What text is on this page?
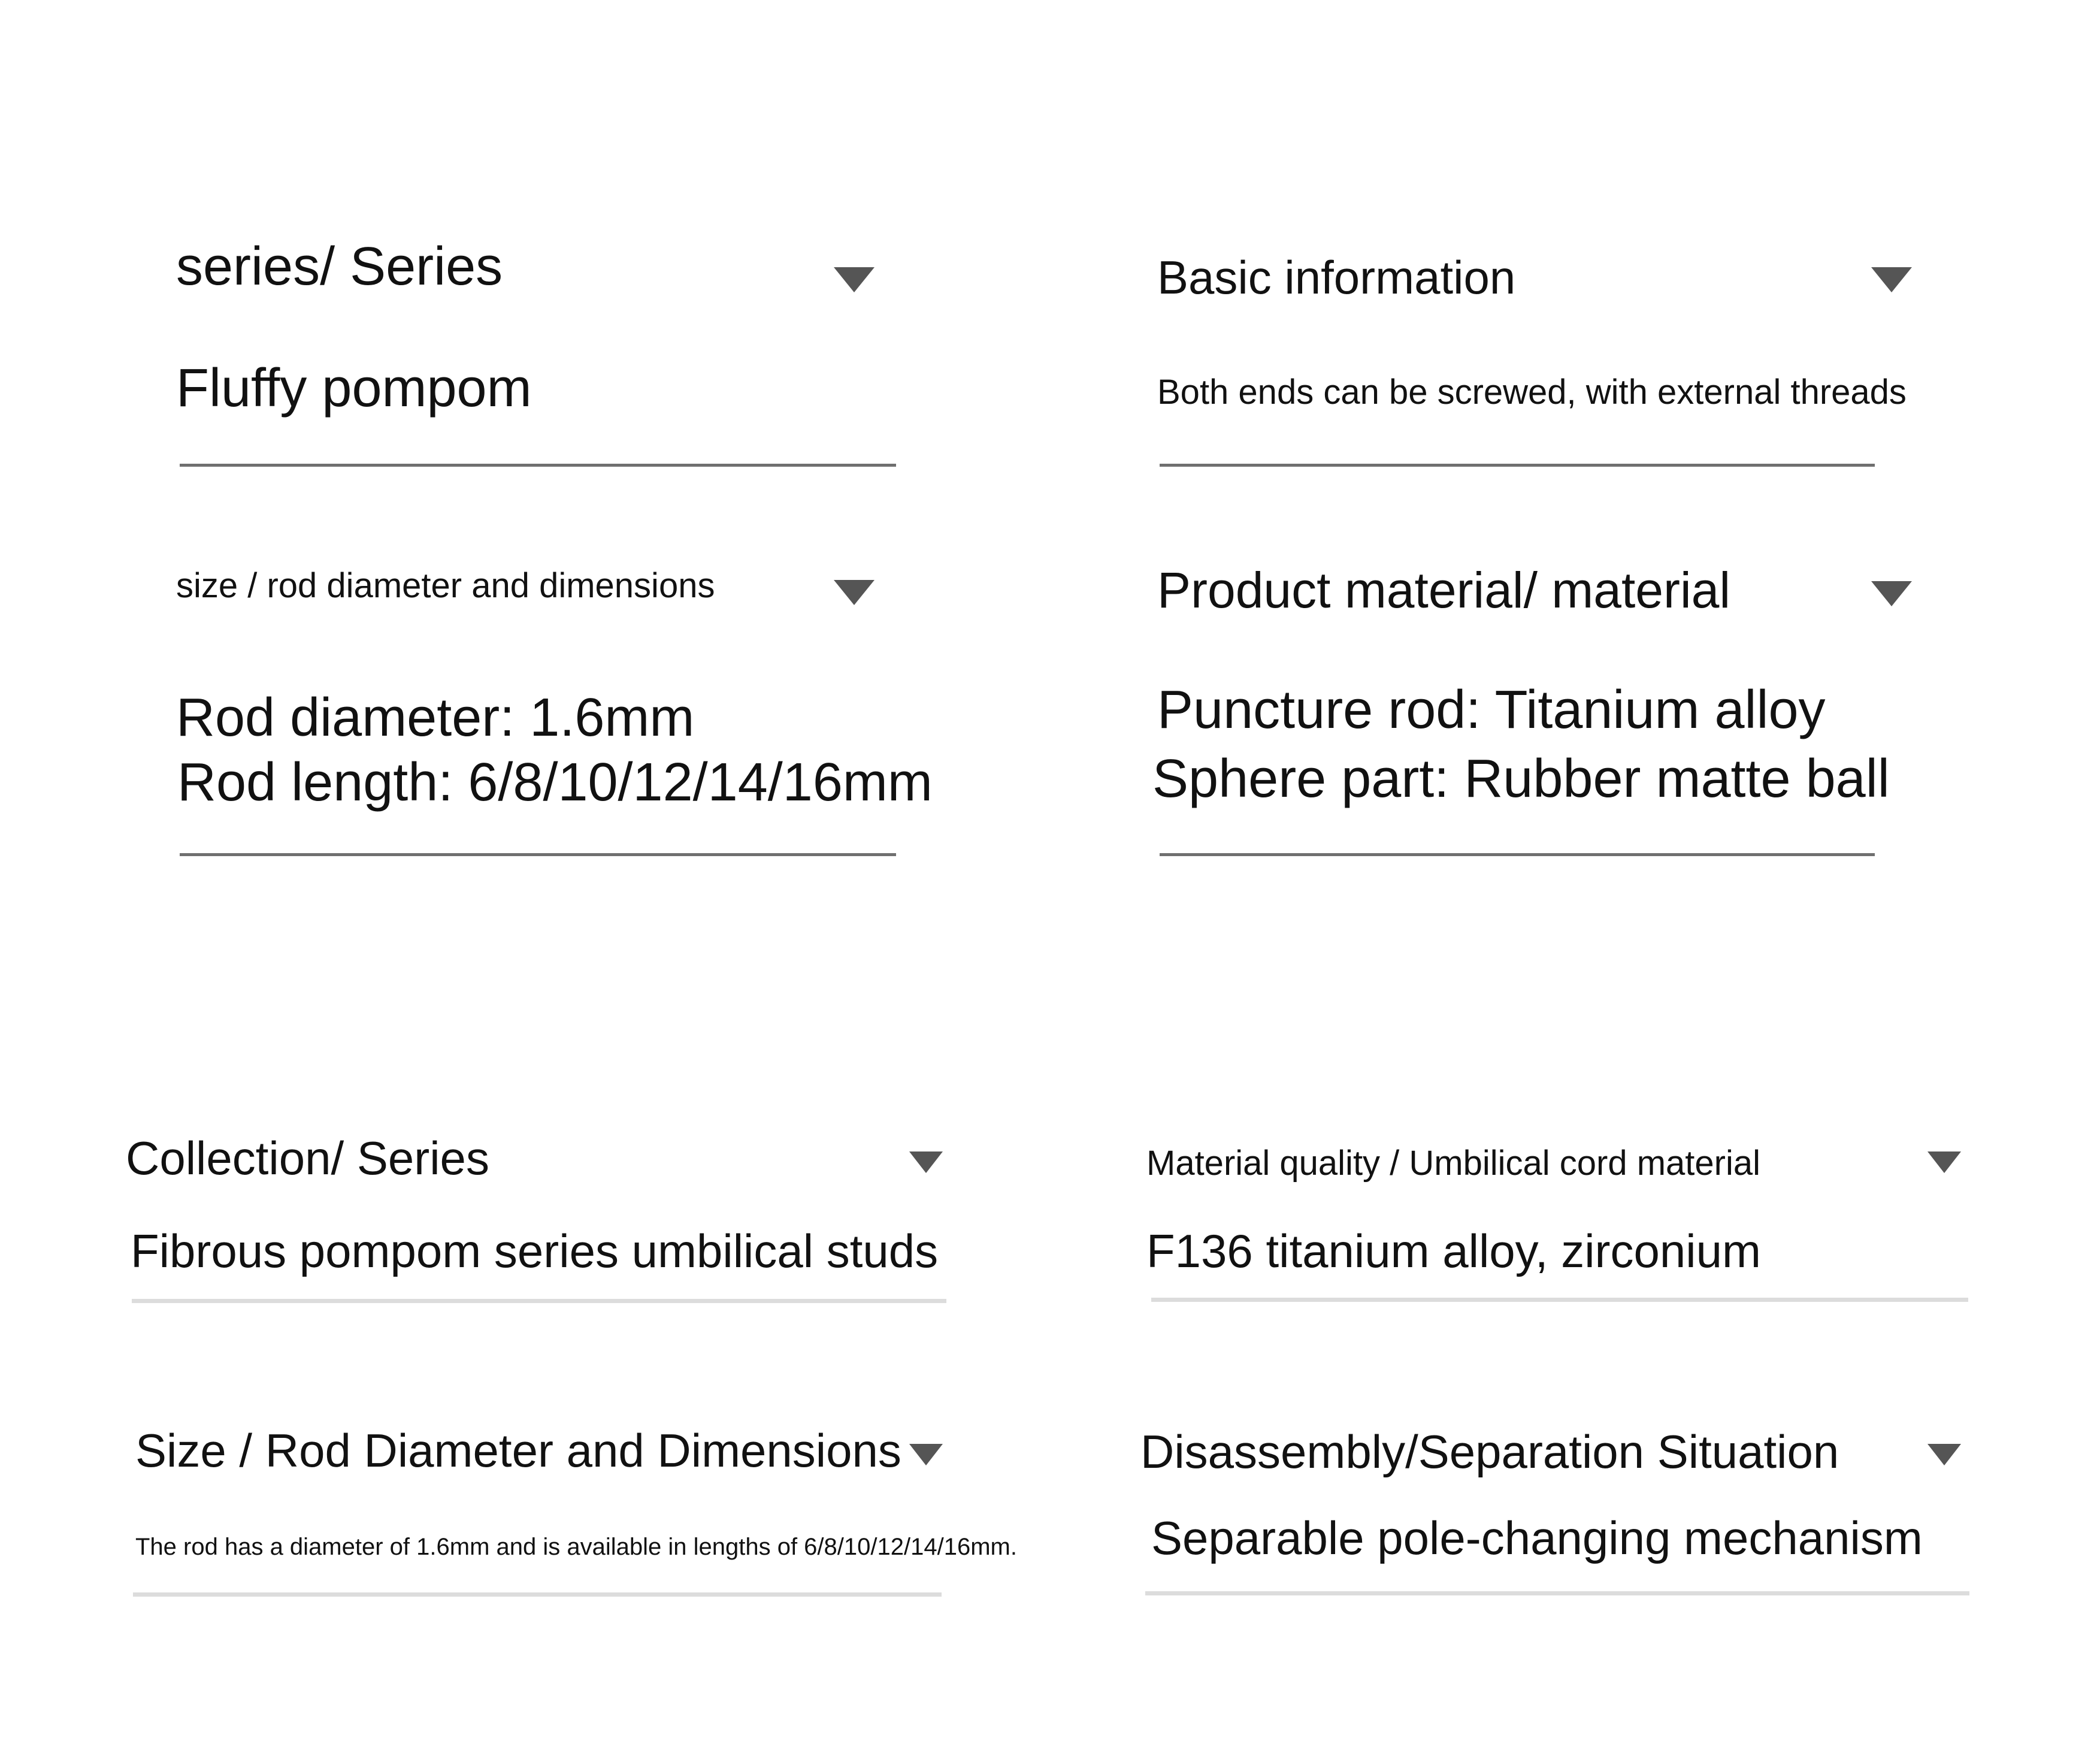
series/ Series
Fluffy pompom
Basic information
Both ends can be screwed, with external threads
size / rod diameter and dimensions
Rod diameter: 1.6mm
Rod length: 6/8/10/12/14/16mm
Product material/ material
Puncture rod: Titanium alloy
Sphere part: Rubber matte ball
Collection/ Series
Fibrous pompom series umbilical studs
Material quality / Umbilical cord material
F136 titanium alloy, zirconium
Size / Rod Diameter and Dimensions
The rod has a diameter of 1.6mm and is available in lengths of 6/8/10/12/14/16mm.
Disassembly/Separation Situation
Separable pole-changing mechanism
